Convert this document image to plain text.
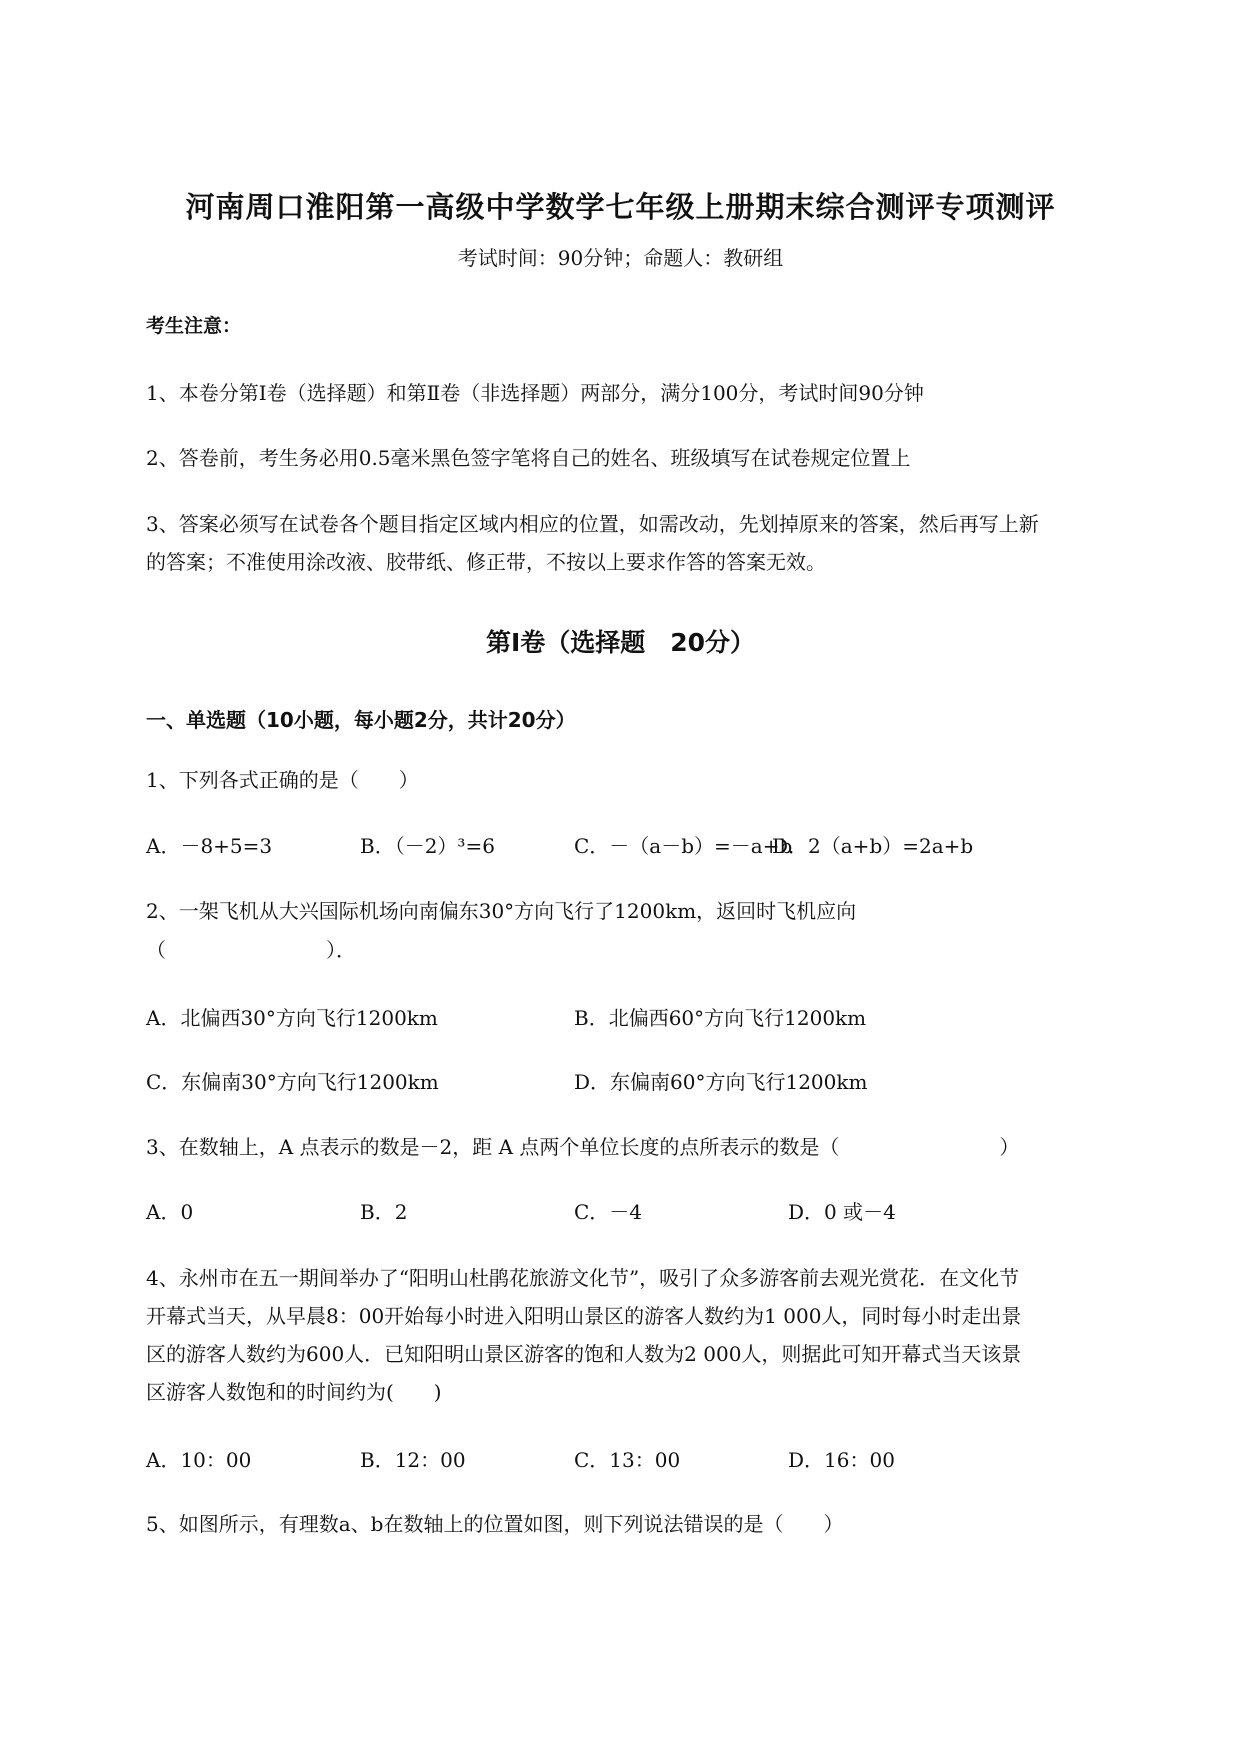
河南周口淮阳第一高级中学数学七年级上册期末综合测评专项测评
考试时间：90分钟；命题人：教研组
考生注意：
1、本卷分第Ⅰ卷（选择题）和第Ⅱ卷（非选择题）两部分，满分100分，考试时间90分钟
2、答卷前，考生务必用0.5毫米黑色签字笔将自己的姓名、班级填写在试卷规定位置上
3、答案必须写在试卷各个题目指定区域内相应的位置，如需改动，先划掉原来的答案，然后再写上新
的答案；不准使用涂改液、胶带纸、修正带，不按以上要求作答的答案无效。
第Ⅰ卷（选择题　20分）
一、单选题（10小题，每小题2分，共计20分）
1、下列各式正确的是（　　）
A．－8+5=3	B．（－2）³=6	C．－（a－b）=－a+b
D．2（a+b）=2a+b
2、一架飞机从大兴国际机场向南偏东30°方向飞行了1200km，返回时飞机应向
（　　　　　　　　）．
A．北偏西30°方向飞行1200km	B．北偏西60°方向飞行1200km
C．东偏南30°方向飞行1200km	D．东偏南60°方向飞行1200km
3、在数轴上，A 点表示的数是－2，距 A 点两个单位长度的点所表示的数是（　　　　　　　　）
A．0	B．2	C．－4	D．0 或－4
4、永州市在五一期间举办了“阳明山杜鹃花旅游文化节”，吸引了众多游客前去观光赏花．在文化节
开幕式当天，从早晨8：00开始每小时进入阳明山景区的游客人数约为1 000人，同时每小时走出景
区的游客人数约为600人．已知阳明山景区游客的饱和人数为2 000人，则据此可知开幕式当天该景
区游客人数饱和的时间约为(　　)
A．10：00	B．12：00	C．13：00	D．16：00
5、如图所示，有理数a、b在数轴上的位置如图，则下列说法错误的是（　　）
